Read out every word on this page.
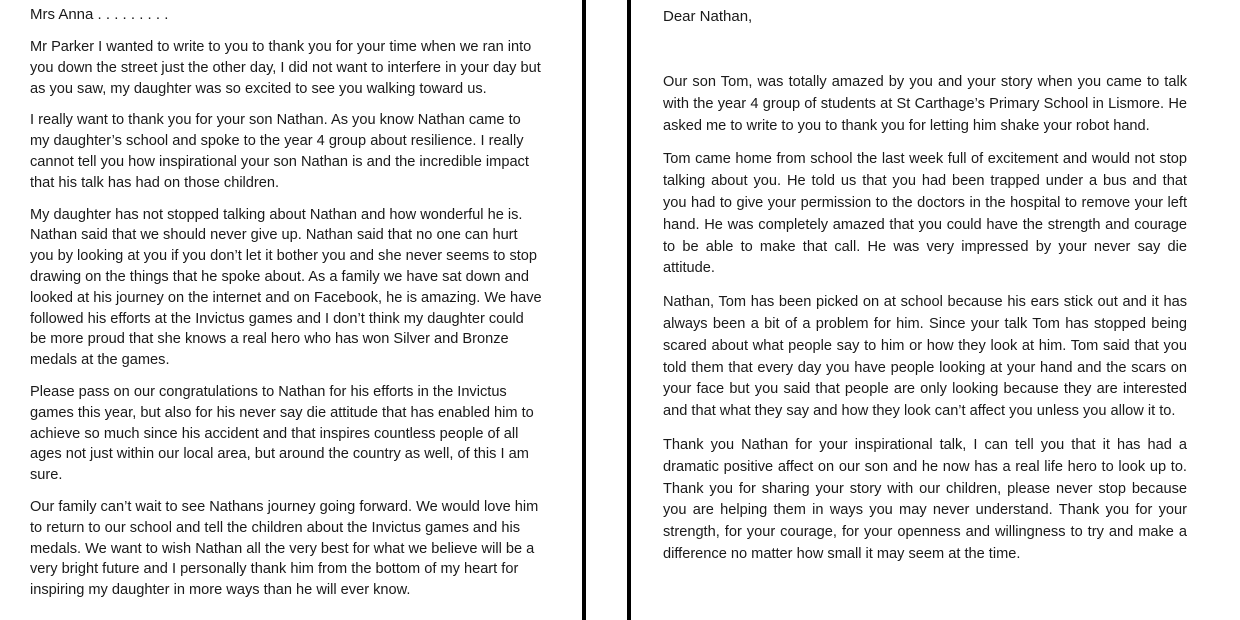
Mrs Anna . . . . . . . . .

Mr Parker I wanted to write to you to thank you for your time when we ran into you down the street just the other day, I did not want to interfere in your day but as you saw, my daughter was so excited to see you walking toward us.

I really want to thank you for your son Nathan. As you know Nathan came to my daughter’s school and spoke to the year 4 group about resilience. I really cannot tell you how inspirational your son Nathan is and the incredible impact that his talk has had on those children.

My daughter has not stopped talking about Nathan and how wonderful he is. Nathan said that we should never give up. Nathan said that no one can hurt you by looking at you if you don’t let it bother you and she never seems to stop drawing on the things that he spoke about. As a family we have sat down and looked at his journey on the internet and on Facebook, he is amazing. We have followed his efforts at the Invictus games and I don’t think my daughter could be more proud that she knows a real hero who has won Silver and Bronze medals at the games.

Please pass on our congratulations to Nathan for his efforts in the Invictus games this year, but also for his never say die attitude that has enabled him to achieve so much since his accident and that inspires countless people of all ages not just within our local area, but around the country as well, of this I am sure.

Our family can’t wait to see Nathans journey going forward. We would love him to return to our school and tell the children about the Invictus games and his medals. We want to wish Nathan all the very best for what we believe will be a very bright future and I personally thank him from the bottom of my heart for inspiring my daughter in more ways than he will ever know.

Dear Nathan,

Our son Tom, was totally amazed by you and your story when you came to talk with the year 4 group of students at St Carthage’s Primary School in Lismore. He asked me to write to you to thank you for letting him shake your robot hand.

Tom came home from school the last week full of excitement and would not stop talking about you. He told us that you had been trapped under a bus and that you had to give your permission to the doctors in the hospital to remove your left hand. He was completely amazed that you could have the strength and courage to be able to make that call. He was very impressed by your never say die attitude.

Nathan, Tom has been picked on at school because his ears stick out and it has always been a bit of a problem for him. Since your talk Tom has stopped being scared about what people say to him or how they look at him. Tom said that you told them that every day you have people looking at your hand and the scars on your face but you said that people are only looking because they are interested and that what they say and how they look can’t affect you unless you allow it to.

Thank you Nathan for your inspirational talk, I can tell you that it has had a dramatic positive affect on our son and he now has a real life hero to look up to. Thank you for sharing your story with our children, please never stop because you are helping them in ways you may never understand. Thank you for your strength, for your courage, for your openness and willingness to try and make a difference no matter how small it may seem at the time.
